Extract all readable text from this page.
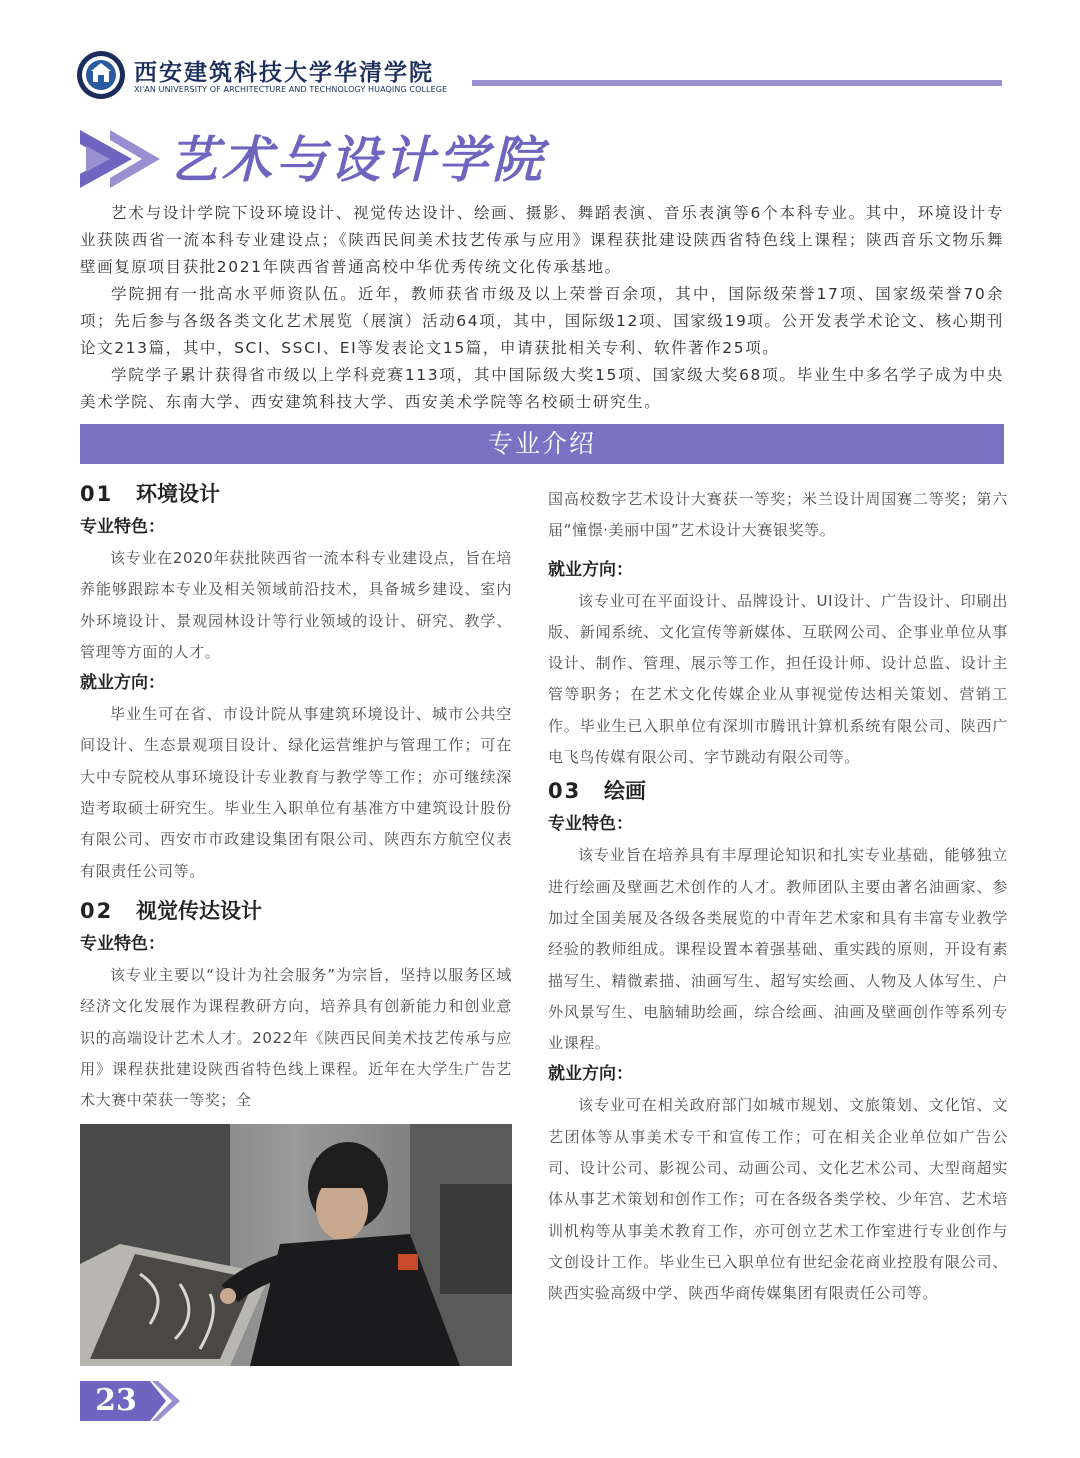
西安建筑科技大学华清学院
XI'AN UNIVERSITY OF ARCHITECTURE AND TECHNOLOGY HUAQING COLLEGE
艺术与设计学院

艺术与设计学院下设环境设计、视觉传达设计、绘画、摄影、舞蹈表演、音乐表演等6个本科专业。其中，环境设计专业获陕西省一流本科专业建设点；《陕西民间美术技艺传承与应用》课程获批建设陕西省特色线上课程；陕西音乐文物乐舞壁画复原项目获批2021年陕西省普通高校中华优秀传统文化传承基地。

学院拥有一批高水平师资队伍。近年，教师获省市级及以上荣誉百余项，其中，国际级荣誉17项、国家级荣誉70余项；先后参与各级各类文化艺术展览（展演）活动64项，其中，国际级12项、国家级19项。公开发表学术论文、核心期刊论文213篇，其中，SCI、SSCI、EI等发表论文15篇，申请获批相关专利、软件著作25项。

学院学子累计获得省市级以上学科竞赛113项，其中国际级大奖15项、国家级大奖68项。毕业生中多名学子成为中央美术学院、东南大学、西安建筑科技大学、西安美术学院等名校硕士研究生。

专业介绍
01 环境设计
专业特色：
该专业在2020年获批陕西省一流本科专业建设点，旨在培养能够跟踪本专业及相关领域前沿技术，具备城乡建设、室内外环境设计、景观园林设计等行业领域的设计、研究、教学、管理等方面的人才。
就业方向：
毕业生可在省、市设计院从事建筑环境设计、城市公共空间设计、生态景观项目设计、绿化运营维护与管理工作；可在大中专院校从事环境设计专业教育与教学等工作；亦可继续深造考取硕士研究生。毕业生入职单位有基准方中建筑设计股份有限公司、西安市市政建设集团有限公司、陕西东方航空仪表有限责任公司等。
02 视觉传达设计
专业特色：
该专业主要以“设计为社会服务”为宗旨，坚持以服务区域经济文化发展作为课程教研方向，培养具有创新能力和创业意识的高端设计艺术人才。2022年《陕西民间美术技艺传承与应用》课程获批建设陕西省特色线上课程。近年在大学生广告艺术大赛中荣获一等奖；全
国高校数字艺术设计大赛获一等奖；米兰设计周国赛二等奖；第六届“憧憬·美丽中国”艺术设计大赛银奖等。
就业方向：
该专业可在平面设计、品牌设计、UI设计、广告设计、印刷出版、新闻系统、文化宣传等新媒体、互联网公司、企事业单位从事设计、制作、管理、展示等工作，担任设计师、设计总监、设计主管等职务；在艺术文化传媒企业从事视觉传达相关策划、营销工作。毕业生已入职单位有深圳市腾讯计算机系统有限公司、陕西广电飞鸟传媒有限公司、字节跳动有限公司等。
03 绘画
专业特色：
该专业旨在培养具有丰厚理论知识和扎实专业基础，能够独立进行绘画及壁画艺术创作的人才。教师团队主要由著名油画家、参加过全国美展及各级各类展览的中青年艺术家和具有丰富专业教学经验的教师组成。课程设置本着强基础、重实践的原则，开设有素描写生、精微素描、油画写生、超写实绘画、人物及人体写生、户外风景写生、电脑辅助绘画，综合绘画、油画及壁画创作等系列专业课程。
就业方向：
该专业可在相关政府部门如城市规划、文旅策划、文化馆、文艺团体等从事美术专干和宣传工作；可在相关企业单位如广告公司、设计公司、影视公司、动画公司、文化艺术公司、大型商超实体从事艺术策划和创作工作；可在各级各类学校、少年宫、艺术培训机构等从事美术教育工作，亦可创立艺术工作室进行专业创作与文创设计工作。毕业生已入职单位有世纪金花商业控股有限公司、陕西实验高级中学、陕西华商传媒集团有限责任公司等。
23
